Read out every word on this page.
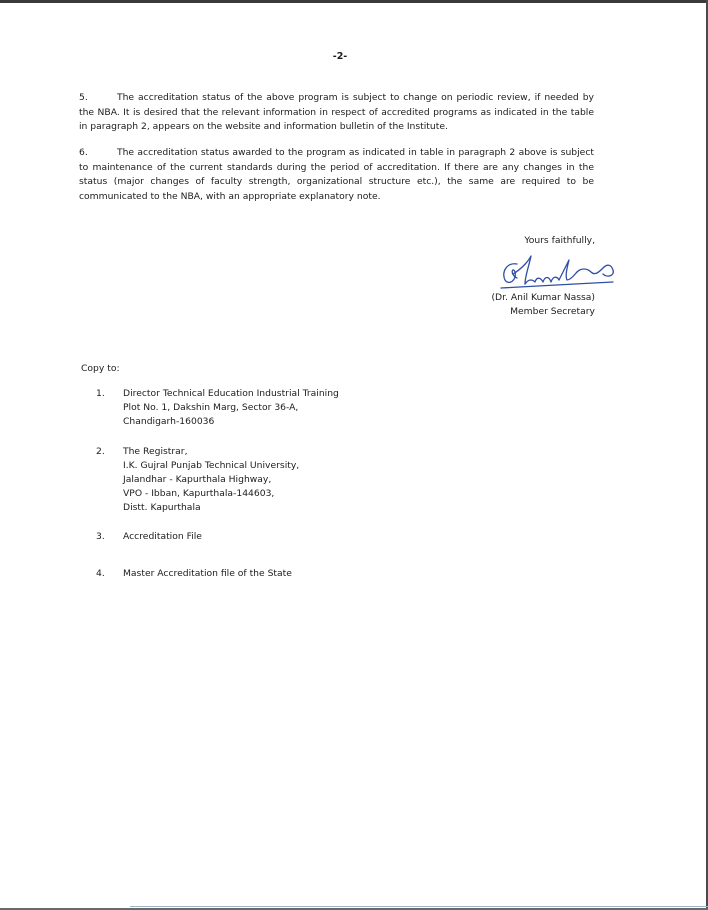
-2-
5.	The accreditation status of the above program is subject to change on periodic review, if needed by the NBA. It is desired that the relevant information in respect of accredited programs as indicated in the table in paragraph 2, appears on the website and information bulletin of the Institute.
6.	The accreditation status awarded to the program as indicated in table in paragraph 2 above is subject to maintenance of the current standards during the period of accreditation. If there are any changes in the status (major changes of faculty strength, organizational structure etc.), the same are required to be communicated to the NBA, with an appropriate explanatory note.
Yours faithfully,
(Dr. Anil Kumar Nassa)
Member Secretary
Copy to:
1.	Director Technical Education Industrial Training
Plot No. 1, Dakshin Marg, Sector 36-A,
Chandigarh-160036
2.	The Registrar,
I.K. Gujral Punjab Technical University,
Jalandhar - Kapurthala Highway,
VPO - Ibban, Kapurthala-144603,
Distt. Kapurthala
3.	Accreditation File
4.	Master Accreditation file of the State
